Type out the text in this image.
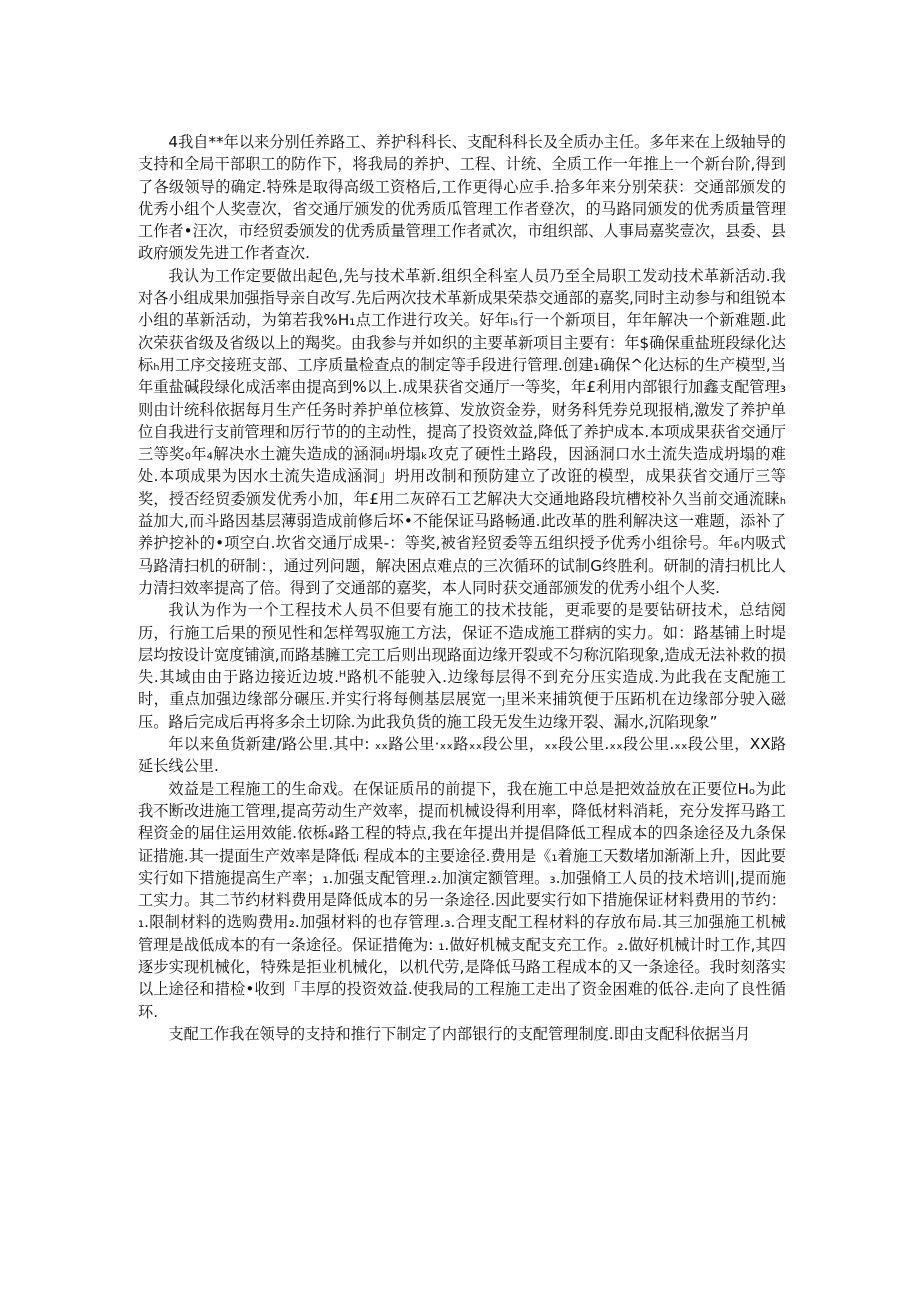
4我自**年以来分别任养路工、养护科科长、支配科科长及全质办主任。多年来在上级轴导的支持和全局干部职工的防作下，将我局的养护、工程、计统、全质工作一年推上一个新台阶,得到了各级领导的确定.特殊是取得高级工资格后,工作更得心应手.拾多年来分别荣获：交通部颁发的优秀小组个人奖壹次，省交通厅颁发的优秀质瓜管理工作者登次，的马路同颁发的优秀质量管理工作者•汪次，市经贸委颁发的优秀质量管理工作者贰次，市组织部、人事局嘉奖壹次，县委、县政府颁发先进工作者查次.

我认为工作定要做出起色,先与技术革新.组织全科室人员乃至全局职工发动技术革新活动.我对各小组成果加强指导亲自改写.先后两次技术革新成果荣恭交通部的嘉奖,同时主动参与和组锐本小组的革新活动，为第若我%H₁点工作进行攻关。好年ₗₛ行一个新项目，年年解决一个新难题.此次荣获省级及省级以上的羯奖。由我参与并如织的主要革新项目主要有：年$确保重盐班段绿化达标ₕ用工序交接班支部、工序质量检查点的制定等手段进行管理.创建₁确保^化达标的生产模型,当年重盐碱段绿化成活率由提高到%以上.成果获省交通厅一等奖，年£利用内部银行加鑫支配管理₃则由计统科依据每月生产任务时养护单位核算、发放资金券，财务科凭券兑现报梢,激发了养护单位自我进行支前管理和厉行节的的主动性，提高了投资效益,降低了养护成本.本项成果获省交通厅三等奖₀年₄解决水土漉失造成的涵洞ₗₗ坍塌ₖ攻克了硬性土路段，因涵洞口水土流失造成坍塌的难处.本项成果为因水土流失造成涵洞」坍用改制和预防建立了改诳的模型，成果获省交通厅三等奖，授否经贸委颁发优秀小加，年£用二灰碎石工艺解决大交通地路段坑槽校补久当前交通流睐ₕ益加大,而斗路因基层薄弱造成前修后坏•不能保证马路畅通.此改革的胜利解决这一难题，添补了养护挖补的•项空白.坎省交通厅成果-：等奖,被省羟贸委等五组织授予优秀小组徐号。年₆内吸式马路清扫机的研制：，通过列问题，解决困点难点的三次循环的试制G终胜利。研制的清扫机比人力清扫效率提高了倍。得到了交通部的嘉奖，本人同时获交通部颁发的优秀小组个人奖.

我认为作为一个工程技术人员不但要有施工的技术技能，更乖要的是要钻研技术，总结阅历，行施工后果的预见性和怎样驾驭施工方法，保证不造成施工群病的实力。如：路基铺上时堤层均按设计宽度铺演,而路基臃工完工后则出现路面边缘开裂或不匀称沉陷现象,造成无法补救的损失.其域由由于路边接近边坡.ᴴ路机不能驶入.边缘每层得不到充分压实造成.为此我在支配施工时，重点加强边缘部分碾压.并实行将每侧基层展宽一ⱼ里米来捕筑便于压跖机在边缘部分驶入磁压。路后完成后再将多余土切除.为此我负货的施工段无发生边缘开裂、漏水,沉陷现象”

年以来鱼货新建/路公里.其中: ₓₓ路公里·ₓₓ路ₓₓ段公里，ₓₓ段公里.ₓₓ段公里.ₓₓ段公里，XX路延长线公里.

效益是工程施工的生命戏。在保证质吊的前提下，我在施工中总是把效益放在正要位Hₒ为此我不断改进施工管理,提高劳动生产效率，提而机械设得利用率，降低材料消耗，充分发挥马路工程资金的届住运用效能.依栎₄路工程的特点,我在年提出并提倡降低工程成本的四条途径及九条保证措施.其一提面生产效率是降低ᵢ 程成本的主要途径.费用是《₁着施工天数堵加渐渐上升，因此要实行如下措施提高生产率；₁.加强支配管理.₂.加演定额管理。₃.加强脩工人员的技术培训|,提而施工实力。其二节约材料费用是降低成本的另一条途径.因此要实行如下措施保证材料费用的节约：₁.限制材料的选购费用₂.加强材料的也存管理.₃.合理支配工程材料的存放布局.其三加强施工机械管理是战低成本的有一条途径。保证措俺为: ₁.做好机械支配支充工作。₂.做好机械计时工作,其四逐步实现机械化，特殊是拒业机械化，以机代劳,是降低马路工程成本的又一条途径。我时刻落实以上途径和措检•收到「丰厚的投资效益.使我局的工程施工走出了资金困难的低谷.走向了良性循环.

支配工作我在领导的支持和推行下制定了内部银行的支配管理制度.即由支配科依据当月
